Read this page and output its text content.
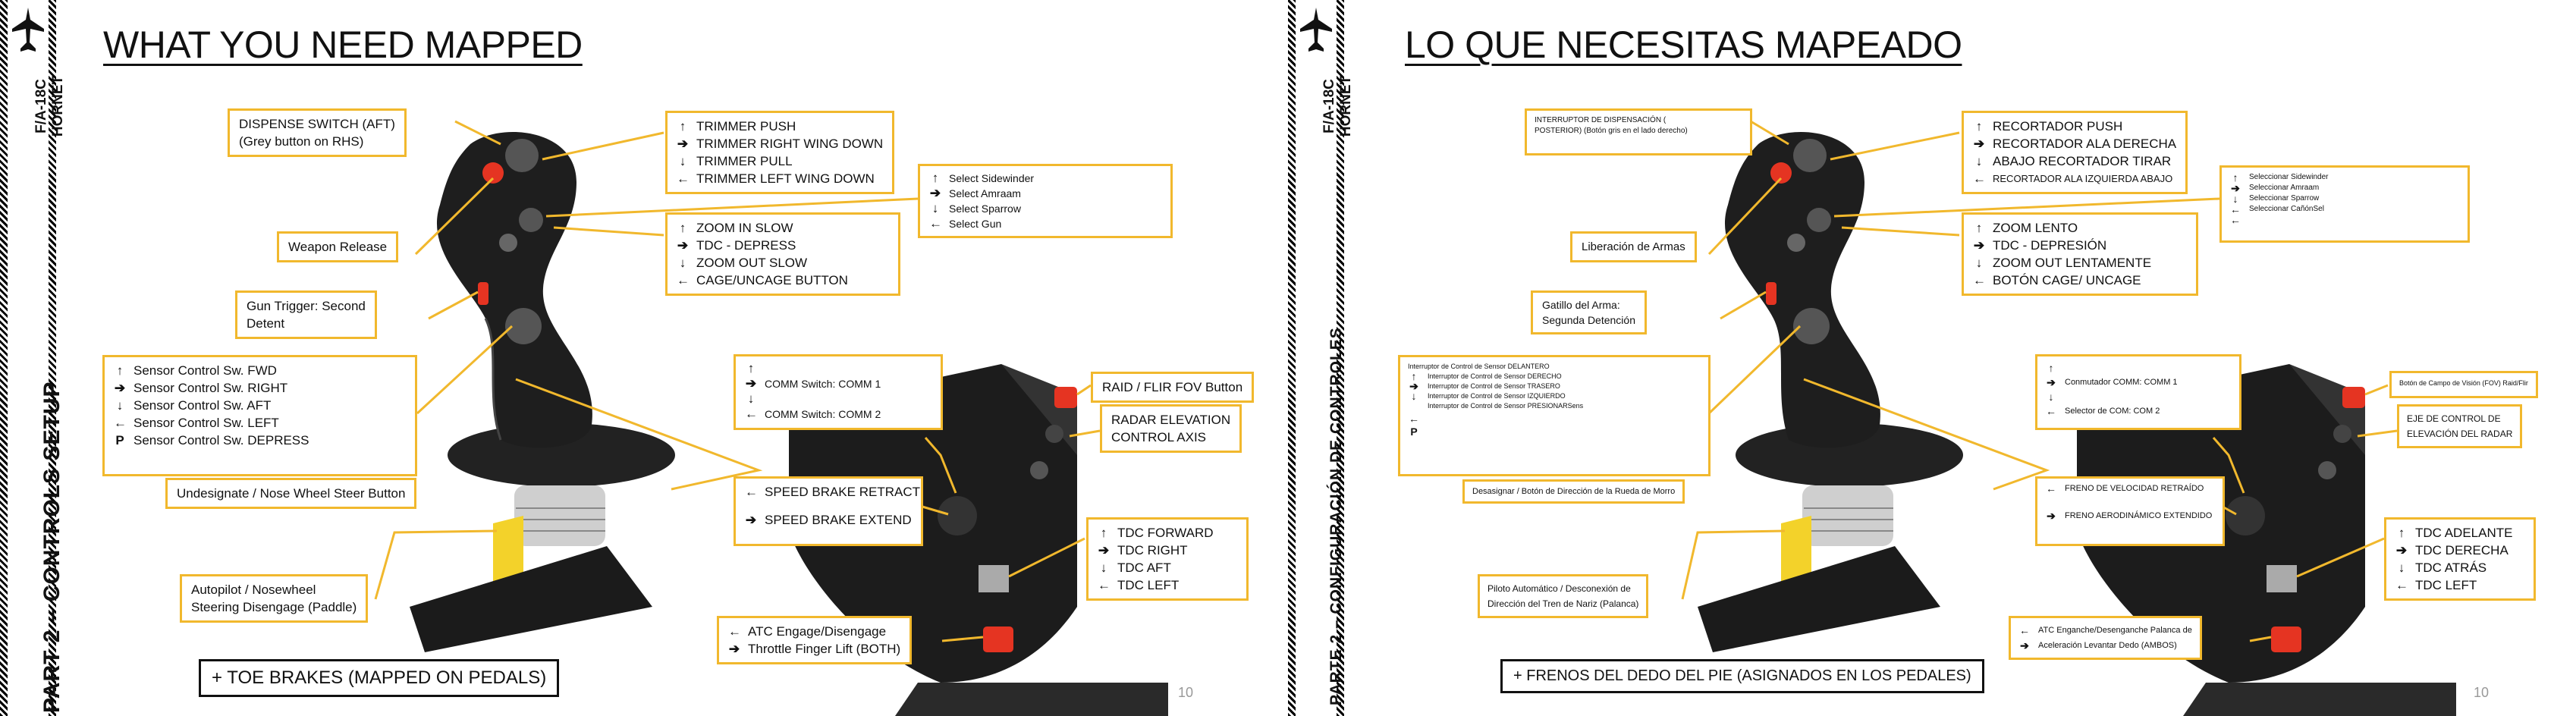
F/A-18C HORNET
PART 2 – CONTROLS SETUP
WHAT YOU NEED MAPPED
DISPENSE SWITCH (AFT)
(Grey button on RHS)
Weapon Release
Gun Trigger: Second
Detent
↑ TRIMMER PUSH
➔ TRIMMER RIGHT WING DOWN
↓ TRIMMER PULL
← TRIMMER LEFT WING DOWN	↑ Select Sidewinder
➔ Select Amraam
↓ Select Sparrow
← Select Gun
↑ ZOOM IN SLOW
➔ TDC - DEPRESS
↓ ZOOM OUT SLOW
← CAGE/UNCAGE BUTTON
↑ Sensor Control Sw. FWD
➔ Sensor Control Sw. RIGHT
↓ Sensor Control Sw. AFT
← Sensor Control Sw. LEFT
P Sensor Control Sw. DEPRESS
Undesignate / Nose Wheel Steer Button
Autopilot / Nosewheel
Steering Disengage (Paddle)
↑
➔ COMM Switch: COMM 1
↓
← COMM Switch: COMM 2
RAID / FLIR FOV Button
RADAR ELEVATION
CONTROL AXIS
← SPEED BRAKE RETRACT
➔ SPEED BRAKE EXTEND
↑ TDC FORWARD
➔ TDC RIGHT
↓ TDC AFT
← TDC LEFT
← ATC Engage/Disengage
➔ Throttle Finger Lift (BOTH)
+ TOE BRAKES (MAPPED ON PEDALS)
10
F/A-18C HORNET
PARTE 2 – CONFIGURACIÓN DE CONTROLES
LO QUE NECESITAS MAPEADO
INTERRUPTOR DE DISPENSACIÓN (
POSTERIOR) (Botón gris en el lado derecho)
Liberación de Armas
Gatillo del Arma:
Segunda Detención
↑ RECORTADOR PUSH
➔ RECORTADOR ALA DERECHA
↓ ABAJO RECORTADOR TIRAR
← RECORTADOR ALA IZQUIERDA ABAJO	↑	Seleccionar Sidewinder
➔ Seleccionar Amraam
↓	Seleccionar Sparrow
← Seleccionar CañónSel
←
↑ ZOOM LENTO
➔ TDC - DEPRESIÓN
↓ ZOOM OUT LENTAMENTE
← BOTÓN CAGE/ UNCAGE
Interruptor de Control de Sensor DELANTERO
↑	Interruptor de Control de Sensor DERECHO
➔ Interruptor de Control de Sensor TRASERO
↓	Interruptor de Control de Sensor IZQUIERDO
Interruptor de Control de Sensor PRESIONARSens
←
P
Desasignar / Botón de Dirección de la Rueda de Morro
Piloto Automático / Desconexión de
Dirección del Tren de Nariz (Palanca)
↑
➔ Conmutador COMM: COMM 1
↓
← Selector de COM: COM 2
Botón de Campo de Visión (FOV) Raid/Flir
EJE DE CONTROL DE
ELEVACIÓN DEL RADAR
← FRENO DE VELOCIDAD RETRAÍDO
➔ FRENO AERODINÁMICO EXTENDIDO
↑ TDC ADELANTE
➔ TDC DERECHA
↓ TDC ATRÁS
← TDC LEFT
← ATC Enganche/Desenganche Palanca de
➔ Aceleración Levantar Dedo (AMBOS)
+ FRENOS DEL DEDO DEL PIE (ASIGNADOS EN LOS PEDALES)
10
